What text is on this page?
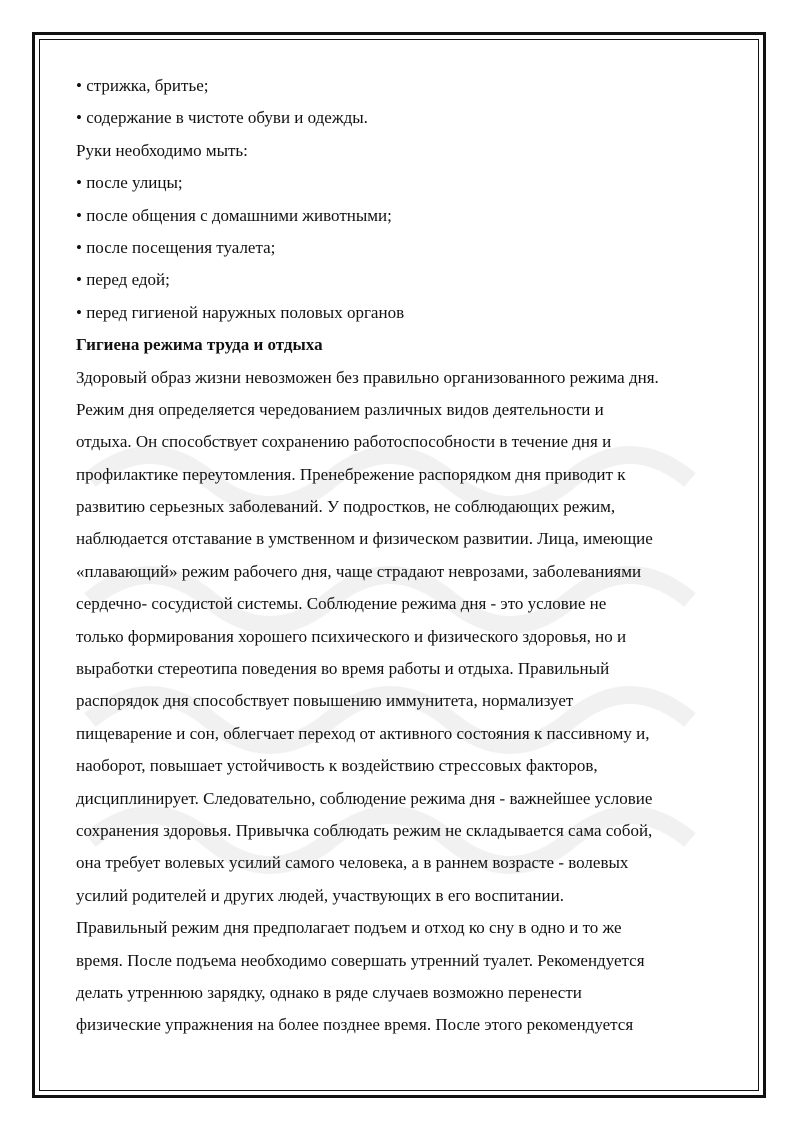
• стрижка, бритье;
• содержание в чистоте обуви и одежды.
Руки необходимо мыть:
• после улицы;
• после общения с домашними животными;
• после посещения туалета;
• перед едой;
• перед гигиеной наружных половых органов
Гигиена режима труда и отдыха
Здоровый образ жизни невозможен без правильно организованного режима дня.
Режим дня определяется чередованием различных видов деятельности и
отдыха. Он способствует сохранению работоспособности в течение дня и
профилактике переутомления. Пренебрежение распорядком дня приводит к
развитию серьезных заболеваний. У подростков, не соблюдающих режим,
наблюдается отставание в умственном и физическом развитии. Лица, имеющие
«плавающий» режим рабочего дня, чаще страдают неврозами, заболеваниями
сердечно- сосудистой системы. Соблюдение режима дня - это условие не
только формирования хорошего психического и физического здоровья, но и
выработки стереотипа поведения во время работы и отдыха. Правильный
распорядок дня способствует повышению иммунитета, нормализует
пищеварение и сон, облегчает переход от активного состояния к пассивному и,
наоборот, повышает устойчивость к воздействию стрессовых факторов,
дисциплинирует. Следовательно, соблюдение режима дня - важнейшее условие
сохранения здоровья. Привычка соблюдать режим не складывается сама собой,
она требует волевых усилий самого человека, а в раннем возрасте - волевых
усилий родителей и других людей, участвующих в его воспитании.
Правильный режим дня предполагает подъем и отход ко сну в одно и то же
время. После подъема необходимо совершать утренний туалет. Рекомендуется
делать утреннюю зарядку, однако в ряде случаев возможно перенести
физические упражнения на более позднее время. После этого рекомендуется
